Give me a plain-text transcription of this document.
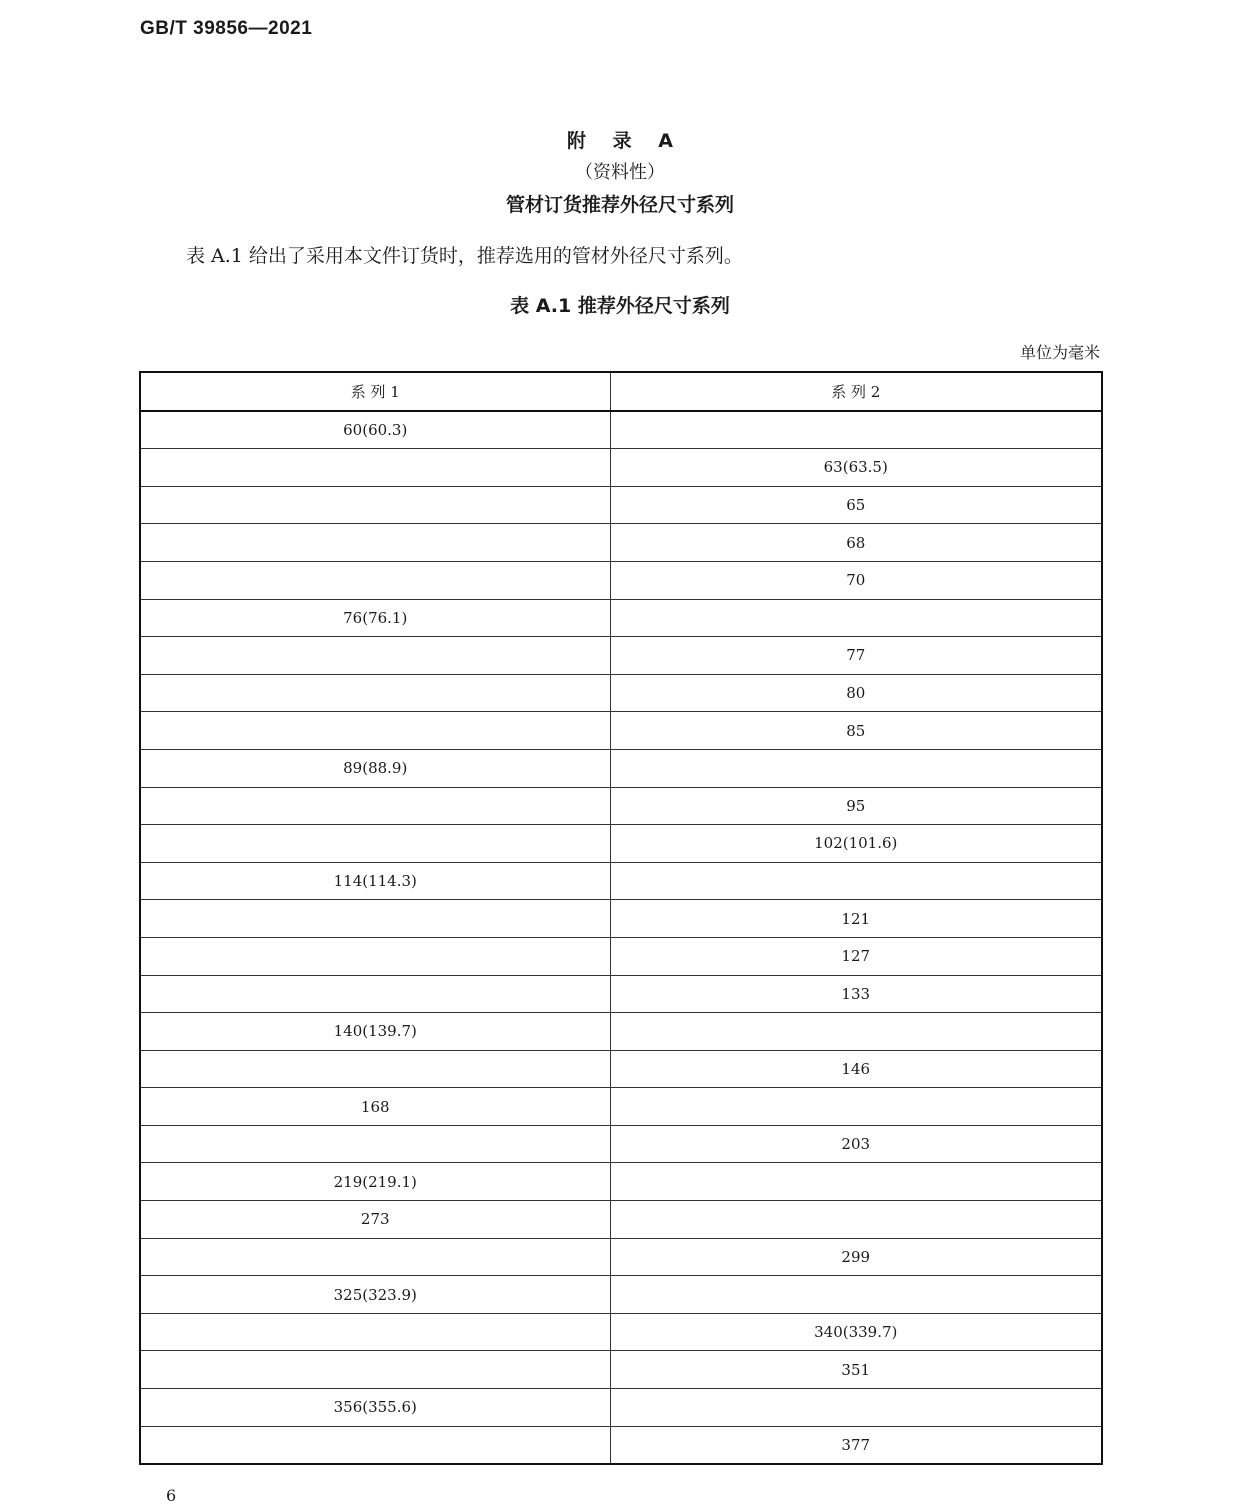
GB/T 39856—2021
附 录 A
（资料性）
管材订货推荐外径尺寸系列
表 A.1 给出了采用本文件订货时，推荐选用的管材外径尺寸系列。
表 A.1 推荐外径尺寸系列
单位为毫米
系 列 1	系 列 2
60(60.3)	
	63(63.5)
	65
	68
	70
76(76.1)	
	77
	80
	85
89(88.9)	
	95
	102(101.6)
114(114.3)	
	121
	127
	133
140(139.7)	
	146
168	
	203
219(219.1)	
273	
	299
325(323.9)	
	340(339.7)
	351
356(355.6)	
	377
6
